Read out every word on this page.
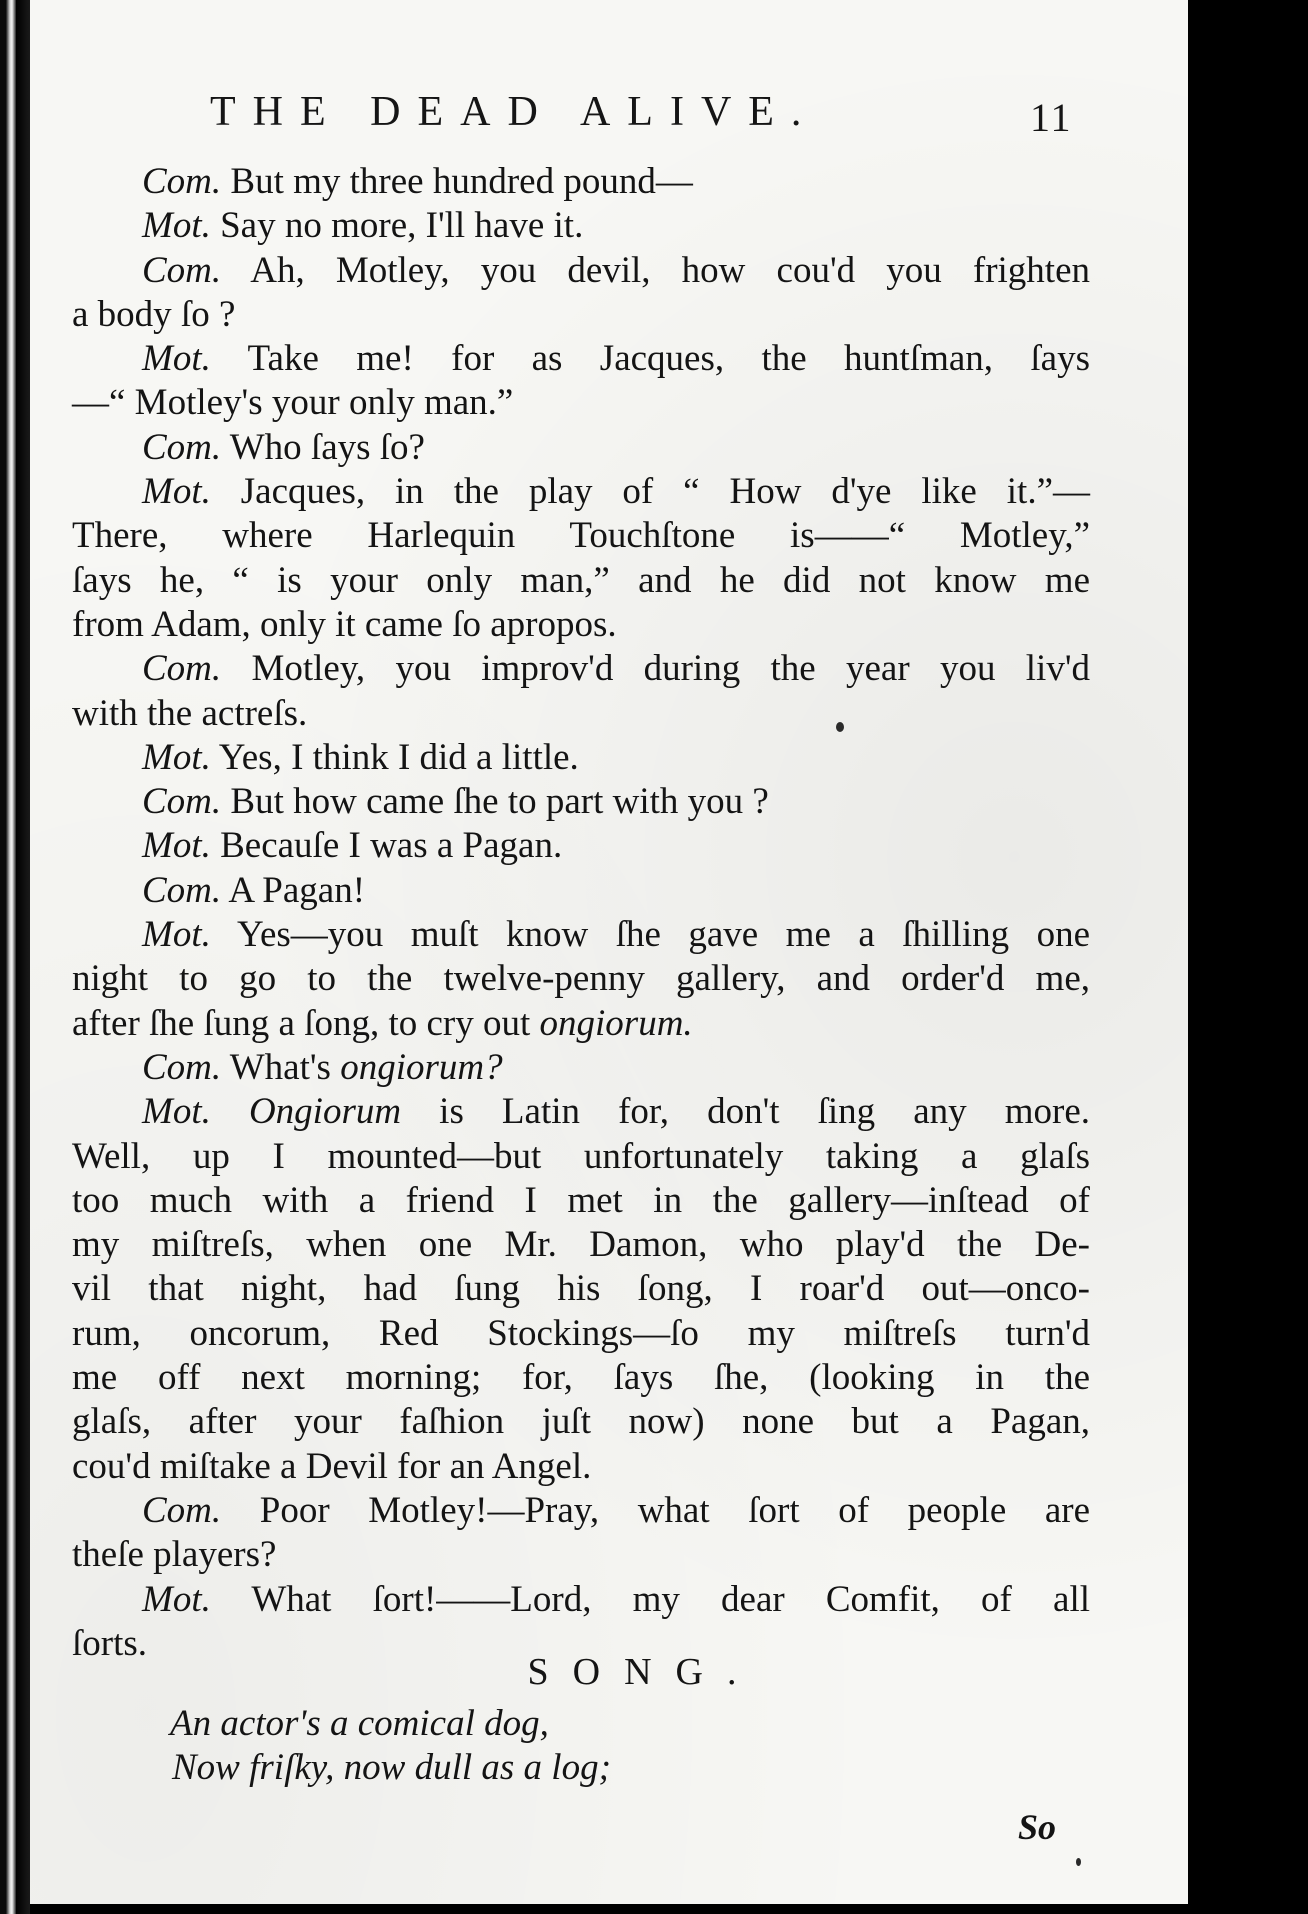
THE DEAD ALIVE.	11
Com. But my three hundred pound—
Mot. Say no more, I'll have it.
Com. Ah, Motley, you devil, how cou'd you frighten
a body ſo ?
Mot. Take me! for as Jacques, the huntſman, ſays
—“ Motley's your only man.”
Com. Who ſays ſo?
Mot. Jacques, in the play of “ How d'ye like it.”—
There, where Harlequin Touchſtone is——“ Motley,”
ſays he, “ is your only man,” and he did not know me
from Adam, only it came ſo apropos.
Com. Motley, you improv'd during the year you liv'd
with the actreſs.
Mot. Yes, I think I did a little.
Com. But how came ſhe to part with you ?
Mot. Becauſe I was a Pagan.
Com. A Pagan!
Mot. Yes—you muſt know ſhe gave me a ſhilling one
night to go to the twelve-penny gallery, and order'd me,
after ſhe ſung a ſong, to cry out ongiorum.
Com. What's ongiorum?
Mot. Ongiorum is Latin for, don't ſing any more.
Well, up I mounted—but unfortunately taking a glaſs
too much with a friend I met in the gallery—inſtead of
my miſtreſs, when one Mr. Damon, who play'd the De-
vil that night, had ſung his ſong, I roar'd out—onco-
rum, oncorum, Red Stockings—ſo my miſtreſs turn'd
me off next morning; for, ſays ſhe, (looking in the
glaſs, after your faſhion juſt now) none but a Pagan,
cou'd miſtake a Devil for an Angel.
Com. Poor Motley!—Pray, what ſort of people are
theſe players?
Mot. What ſort!——Lord, my dear Comfit, of all
ſorts.
SONG.
An actor's a comical dog,
Now friſky, now dull as a log;
So
